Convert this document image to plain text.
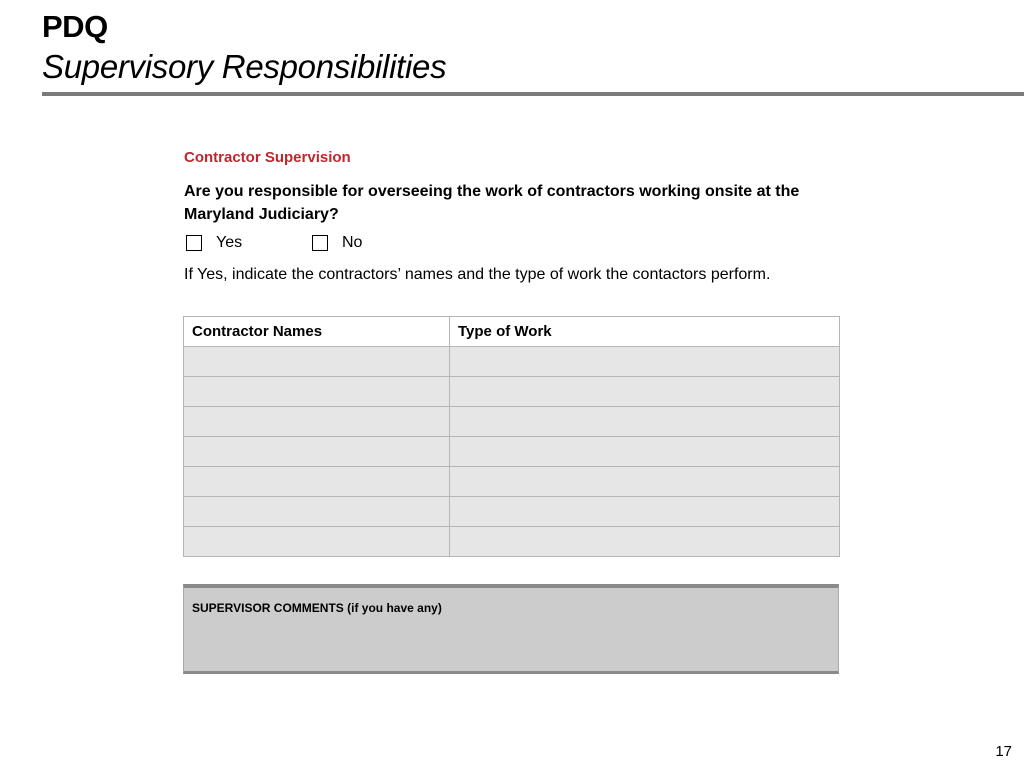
PDQ
Supervisory Responsibilities
Contractor Supervision
Are you responsible for overseeing the work of contractors working onsite at the Maryland Judiciary?
Yes	No
If Yes, indicate the contractors’ names and the type of work the contactors perform.
Contractor Names	Type of Work

SUPERVISOR COMMENTS (if you have any)
17
